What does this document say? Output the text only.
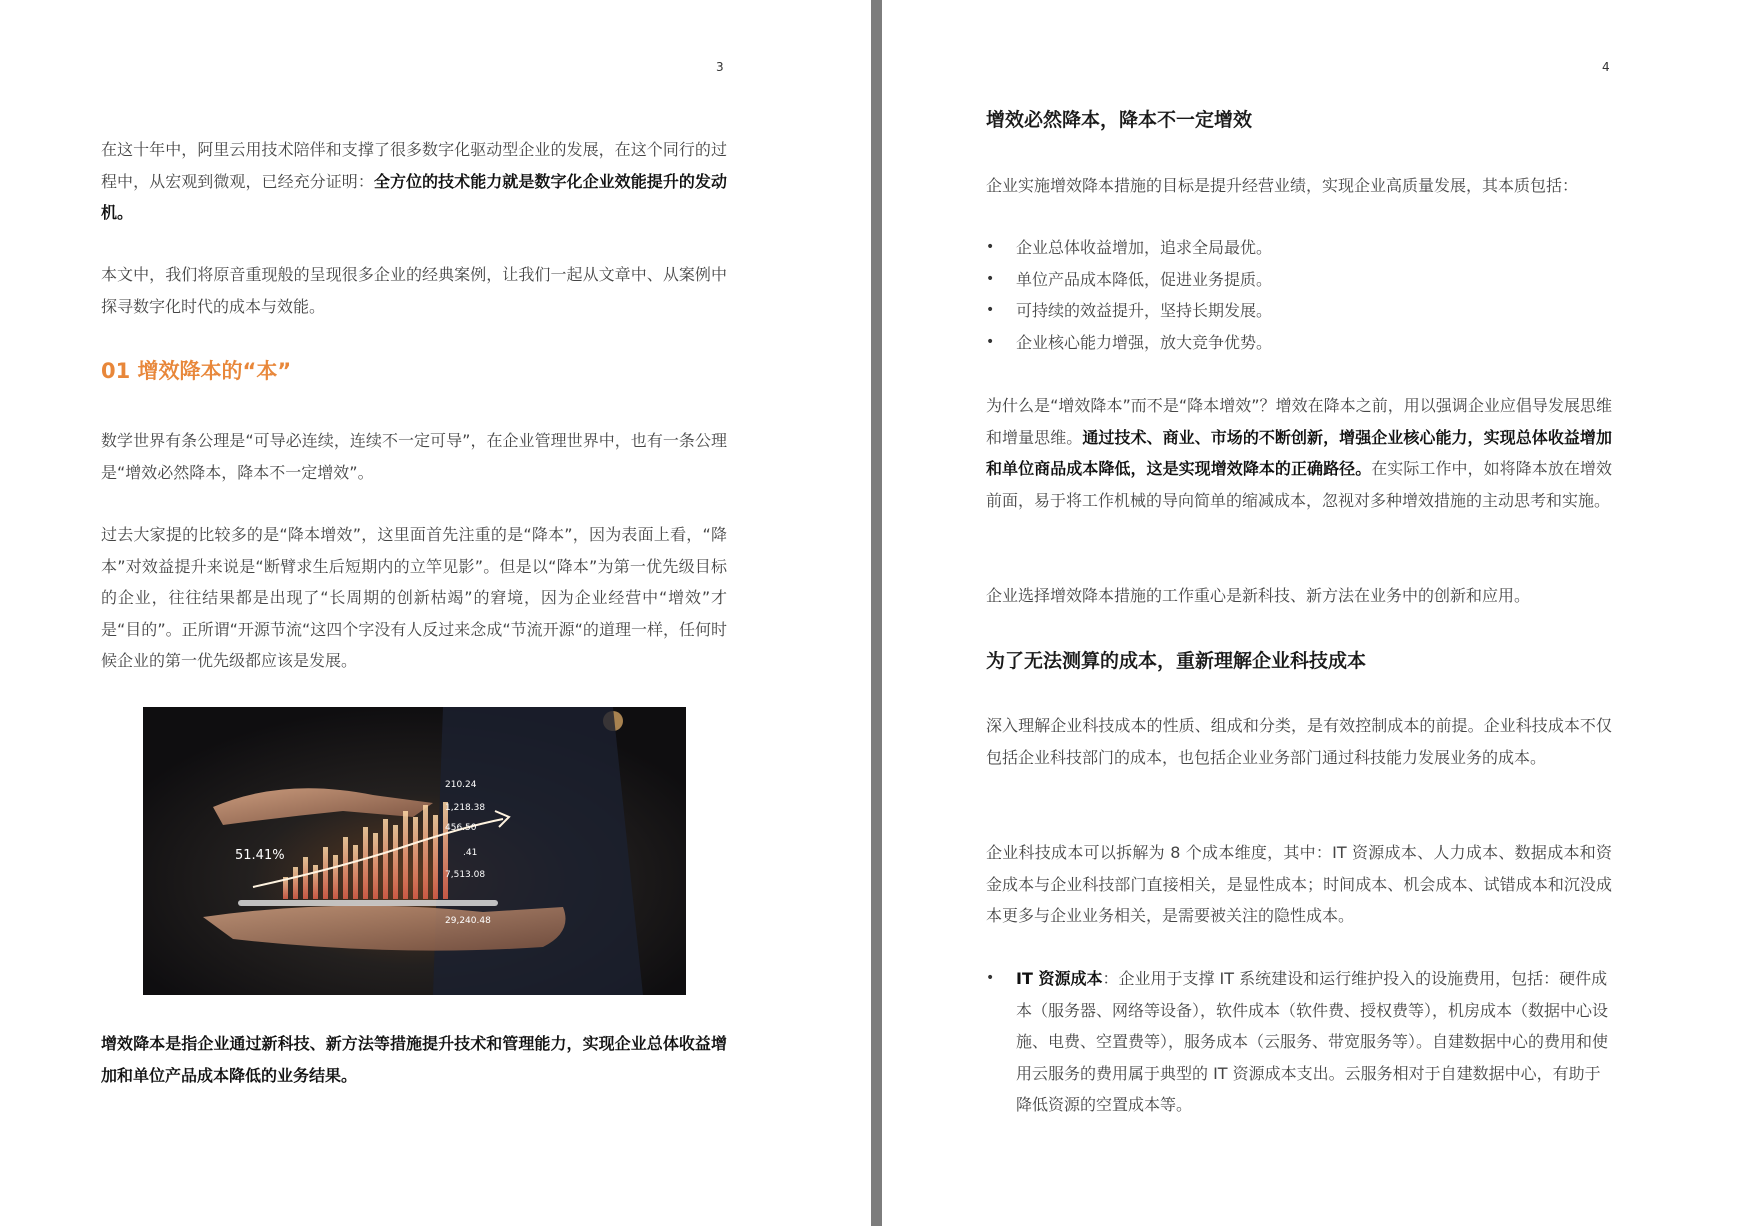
3

在这十年中，阿里云用技术陪伴和支撑了很多数字化驱动型企业的发展，在这个同行的过程中，从宏观到微观，已经充分证明：全方位的技术能力就是数字化企业效能提升的发动机。

本文中，我们将原音重现般的呈现很多企业的经典案例，让我们一起从文章中、从案例中探寻数字化时代的成本与效能。

01 增效降本的“本”

数学世界有条公理是“可导必连续，连续不一定可导”，在企业管理世界中，也有一条公理是“增效必然降本，降本不一定增效”。

过去大家提的比较多的是“降本增效”，这里面首先注重的是“降本”，因为表面上看，“降本”对效益提升来说是“断臂求生后短期内的立竿见影”。但是以“降本”为第一优先级目标的企业，往往结果都是出现了“长周期的创新枯竭”的窘境，因为企业经营中“增效”才是“目的”。正所谓“开源节流“这四个字没有人反过来念成“节流开源“的道理一样，任何时候企业的第一优先级都应该是发展。

增效降本是指企业通过新科技、新方法等措施提升技术和管理能力，实现企业总体收益增加和单位产品成本降低的业务结果。

51.41%
210.24
1,218.38
456.50
.41
7,513.08
29,240.48
4
增效必然降本，降本不一定增效

企业实施增效降本措施的目标是提升经营业绩，实现企业高质量发展，其本质包括：

• 企业总体收益增加，追求全局最优。
• 单位产品成本降低，促进业务提质。
• 可持续的效益提升，坚持长期发展。
• 企业核心能力增强，放大竞争优势。

为什么是“增效降本”而不是“降本增效”？增效在降本之前，用以强调企业应倡导发展思维和增量思维。通过技术、商业、市场的不断创新，增强企业核心能力，实现总体收益增加和单位商品成本降低，这是实现增效降本的正确路径。在实际工作中，如将降本放在增效前面，易于将工作机械的导向简单的缩减成本，忽视对多种增效措施的主动思考和实施。

企业选择增效降本措施的工作重心是新科技、新方法在业务中的创新和应用。

为了无法测算的成本，重新理解企业科技成本

深入理解企业科技成本的性质、组成和分类，是有效控制成本的前提。企业科技成本不仅包括企业科技部门的成本，也包括企业业务部门通过科技能力发展业务的成本。

企业科技成本可以拆解为 8 个成本维度，其中：IT 资源成本、人力成本、数据成本和资金成本与企业科技部门直接相关，是显性成本；时间成本、机会成本、试错成本和沉没成本更多与企业业务相关，是需要被关注的隐性成本。

• IT 资源成本：企业用于支撑 IT 系统建设和运行维护投入的设施费用，包括：硬件成本（服务器、网络等设备），软件成本（软件费、授权费等），机房成本（数据中心设施、电费、空置费等），服务成本（云服务、带宽服务等）。自建数据中心的费用和使用云服务的费用属于典型的 IT 资源成本支出。云服务相对于自建数据中心，有助于降低资源的空置成本等。
